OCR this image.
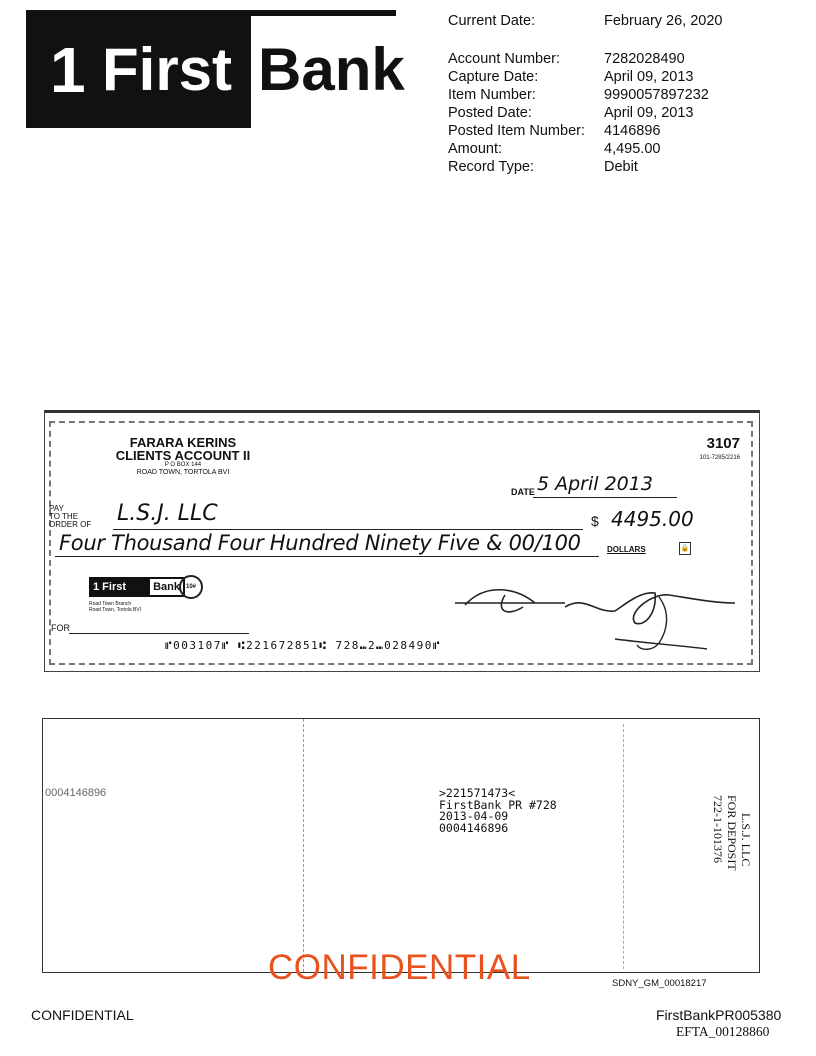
1 First Bank
Current Date:	February 26, 2020
Account Number:	7282028490
Capture Date:	April 09, 2013
Item Number:	9990057897232
Posted Date:	April 09, 2013
Posted Item Number: 4146896
Amount:	4,495.00
Record Type:	Debit
FARARA KERINS
CLIENTS ACCOUNT II
P O BOX 144
ROAD TOWN, TORTOLA BVI
3107
101-7285/2216
DATE 5 April 2013
PAY
TO THE
ORDER OF L.S.J. LLC	$ 4495.00
Four Thousand Four Hundred Ninety Five & 00/100	DOLLARS	🔒
1 First Bank 10#
Road Town Branch
Road Town, Tortola BVI
FOR
⑈003107⑈ ⑆221672851⑆ 728⑉2⑉028490⑈
0004146896	>221571473<
FirstBank PR #728
2013-04-09
0004146896	L.S.J. LLC
FOR DEPOSIT
722-1-101376
CONFIDENTIAL	SDNY_GM_00018217
CONFIDENTIAL	FirstBankPR005380
EFTA_00128860
